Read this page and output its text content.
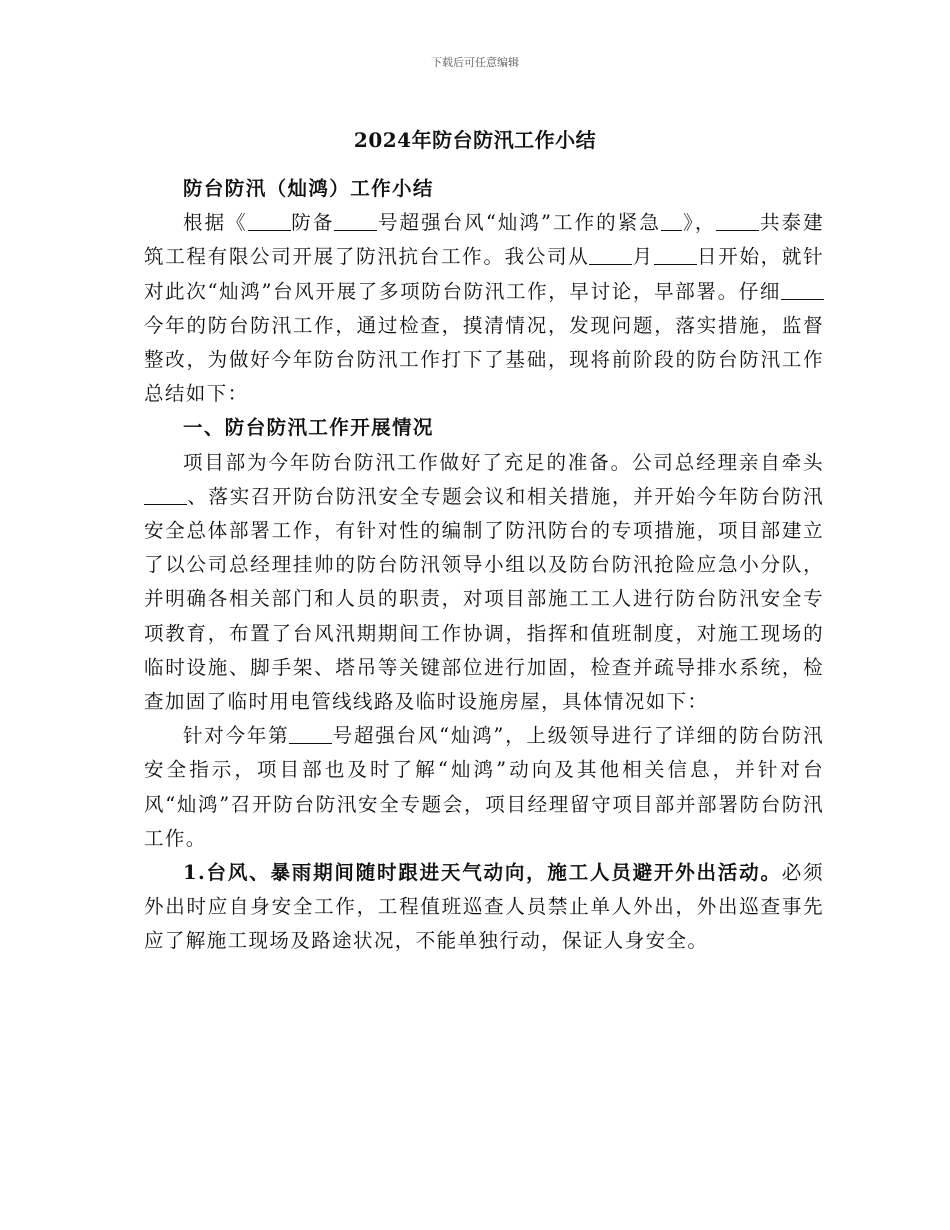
下载后可任意编辑
2024年防台防汛工作小结
防台防汛（灿鸿）工作小结

根据《 防备 号超强台风“灿鸿”工作的紧急 》， 共泰建筑工程有限公司开展了防汛抗台工作。我公司从 月 日开始，就针对此次“灿鸿”台风开展了多项防台防汛工作，早讨论，早部署。仔细今年的防台防汛工作，通过检查，摸清情况，发现问题，落实措施，监督整改，为做好今年防台防汛工作打下了基础，现将前阶段的防台防汛工作总结如下：

一、防台防汛工作开展情况

项目部为今年防台防汛工作做好了充足的准备。公司总经理亲自牵头、落实召开防台防汛安全专题会议和相关措施，并开始今年防台防汛安全总体部署工作，有针对性的编制了防汛防台的专项措施，项目部建立了以公司总经理挂帅的防台防汛领导小组以及防台防汛抢险应急小分队，并明确各相关部门和人员的职责，对项目部施工工人进行防台防汛安全专项教育，布置了台风汛期期间工作协调，指挥和值班制度，对施工现场的临时设施、脚手架、塔吊等关键部位进行加固，检查并疏导排水系统，检查加固了临时用电管线线路及临时设施房屋，具体情况如下：

针对今年第 号超强台风“灿鸿”，上级领导进行了详细的防台防汛安全指示，项目部也及时了解“灿鸿”动向及其他相关信息，并针对台风“灿鸿”召开防台防汛安全专题会，项目经理留守项目部并部署防台防汛工作。

1.台风、暴雨期间随时跟进天气动向，施工人员避开外出活动。必须外出时应自身安全工作，工程值班巡查人员禁止单人外出，外出巡查事先应了解施工现场及路途状况，不能单独行动，保证人身安全。
